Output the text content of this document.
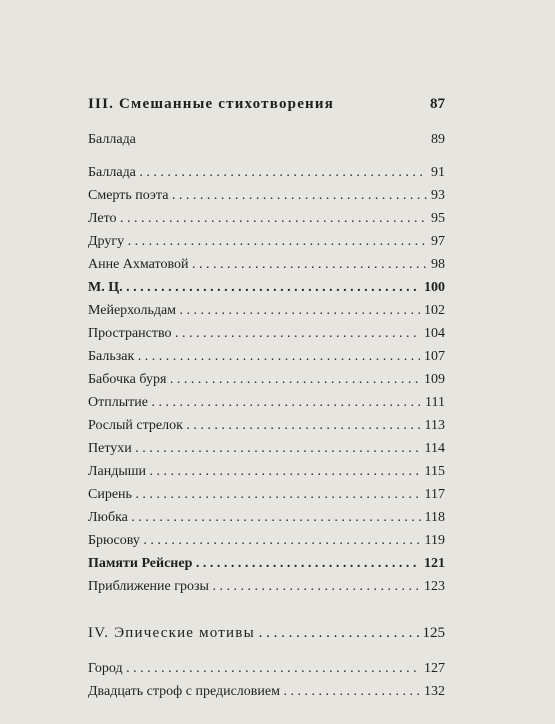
III. Смешанные стихотворения	87
Баллада	89
Баллада . . .	91
Смерть поэта . . .	93
Лето . . .	95
Другу . . .	97
Анне Ахматовой . . .	98
М. Ц. . . .	100
Мейерхольдам . . .	102
Пространство . . .	104
Бальзак . . .	107
Бабочка буря . . .	109
Отплытие . . .	111
Рослый стрелок . . .	113
Петухи . . .	114
Ландыши . . .	115
Сирень . . .	117
Любка . . .	118
Брюсову . . .	119
Памяти Рейснер . . .	121
Приближение грозы . . .	123
IV. Эпические мотивы . . .	125
Город . . .	127
Двадцать строф с предисловием . . .	132
